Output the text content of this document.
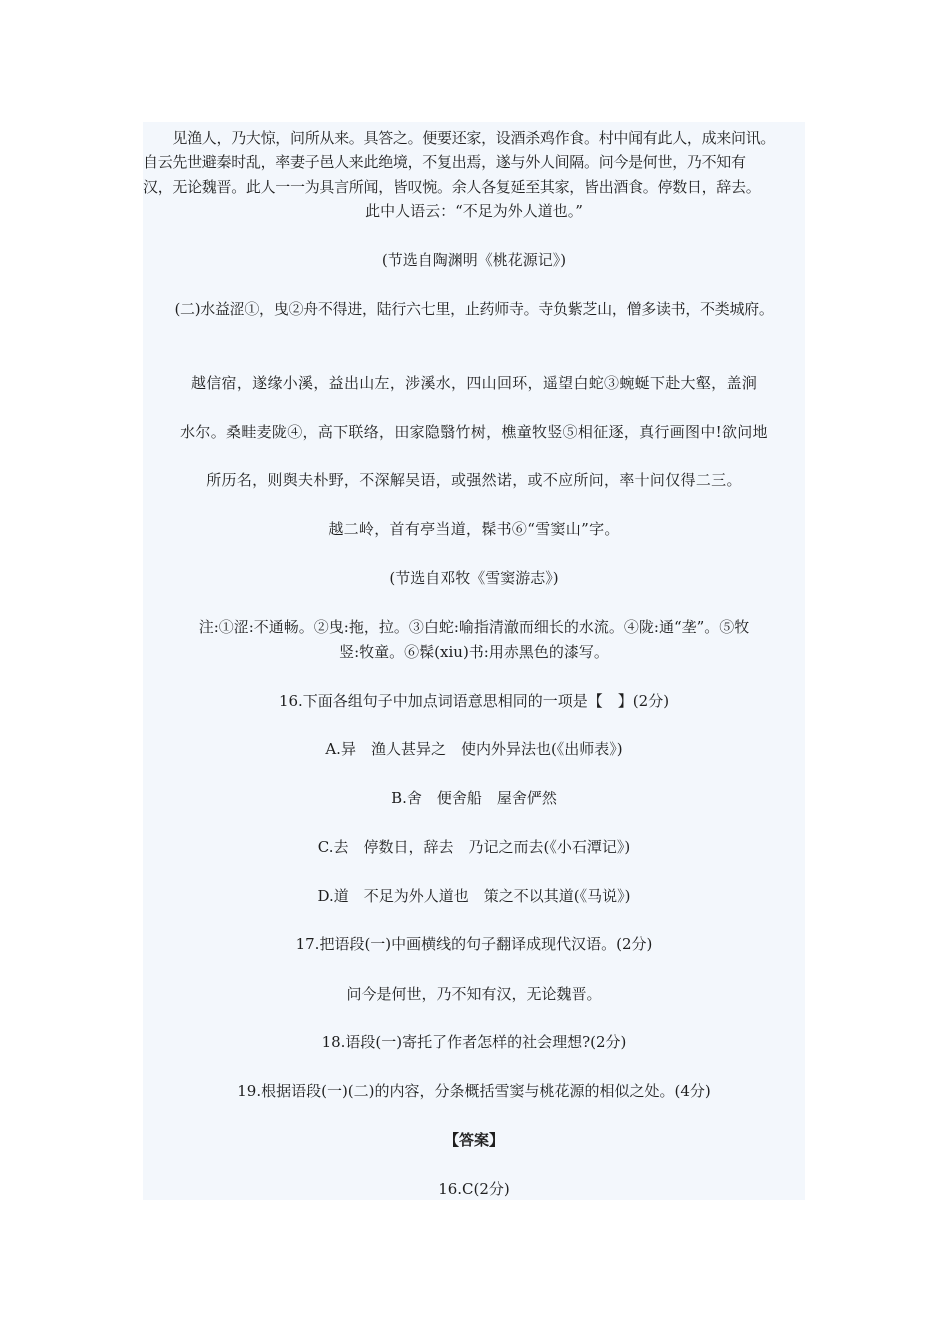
　　见渔人，乃大惊，问所从来。具答之。便要还家，设酒杀鸡作食。村中闻有此人，成来问讯。
自云先世避秦时乱，率妻子邑人来此绝境，不复出焉，遂与外人间隔。问今是何世，乃不知有
汉，无论魏晋。此人一一为具言所闻，皆叹惋。余人各复延至其家，皆出酒食。停数日，辞去。
此中人语云：“不足为外人道也。”
(节选自陶渊明《桃花源记》)
(二)水益涩①，曳②舟不得进，陆行六七里，止药师寺。寺负紫芝山，僧多读书，不类城府。
越信宿，遂缘小溪，益出山左，涉溪水，四山回环，遥望白蛇③蜿蜒下赴大壑，盖涧
水尔。桑畦麦陇④，高下联络，田家隐翳竹树，樵童牧竖⑤相征逐，真行画图中!欲问地
所历名，则舆夫朴野，不深解吴语，或强然诺，或不应所问，率十问仅得二三。
越二岭，首有亭当道，髹书⑥“雪窦山”字。
(节选自邓牧《雪窦游志》)
注:①涩:不通畅。②曳:拖，拉。③白蛇:喻指清澈而细长的水流。④陇:通“垄”。⑤牧
竖:牧童。⑥髹(xiu)书:用赤黑色的漆写。
16.下面各组句子中加点词语意思相同的一项是【　】(2分)
A.异　渔人甚异之　使内外异法也(《出师表》)
B.舍　便舍船　屋舍俨然
C.去　停数日，辞去　乃记之而去(《小石潭记》)
D.道　不足为外人道也　策之不以其道(《马说》)
17.把语段(一)中画横线的句子翻译成现代汉语。(2分)
问今是何世，乃不知有汉，无论魏晋。
18.语段(一)寄托了作者怎样的社会理想?(2分)
19.根据语段(一)(二)的内容，分条概括雪窦与桃花源的相似之处。(4分)
【答案】
16.C(2分)
